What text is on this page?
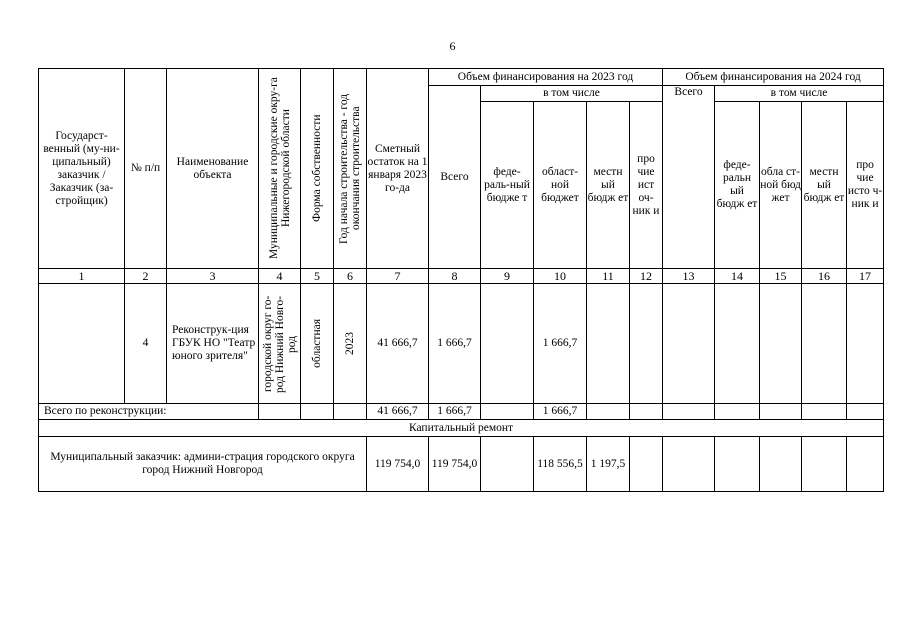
6
Государст-венный (му-ни-ципальный) заказчик / Заказчик (за-стройщик)	№ п/п	Наименование объекта	Муниципальные и городские окру-га Нижегородской области	Форма собственности	Год начала строительства - год окончания строительства	Сметный остаток на 1 января 2023 го-да	Объем финансирования на 2023 год					Объем финансирования на 2024 год				
							Всего	в том числе				Всего	в том числе			
								феде-раль-ный бюдже т	област-ной бюджет	местн ый бюдж ет	про чие ист оч-ник и		феде-ральн ый бюдж ет	обла ст-ной бюд жет	местн ый бюдж ет	про чие исто ч-ник и
1	2	3	4	5	6	7	8	9	10	11	12	13	14	15	16	17
	4	Реконструк-ция ГБУК НО "Театр юного зрителя"	городской округ го-род Нижний Новго-род	областная	2023	41 666,7	1 666,7		1 666,7							
Всего по реконструкции:						41 666,7	1 666,7		1 666,7							
Капитальный ремонт																
Муниципальный заказчик: админи-страция городского округа город Нижний Новгород						119 754,0	119 754,0		118 556,5	1 197,5						
